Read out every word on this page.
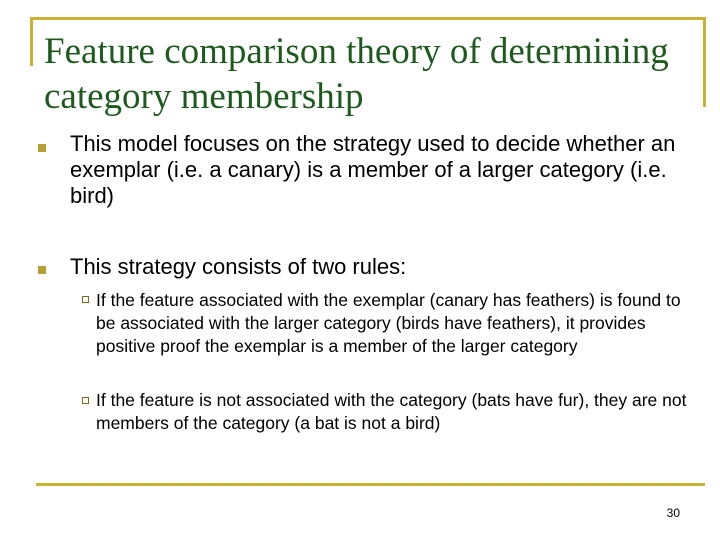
Feature comparison theory of determining category membership

This model focuses on the strategy used to decide whether an exemplar (i.e. a canary) is a member of a larger category (i.e. bird)

This strategy consists of two rules:

If the feature associated with the exemplar (canary has feathers) is found to be associated with the larger category (birds have feathers), it provides positive proof the exemplar is a member of the larger category

If the feature is not associated with the category (bats have fur), they are not members of the category (a bat is not a bird)

30
